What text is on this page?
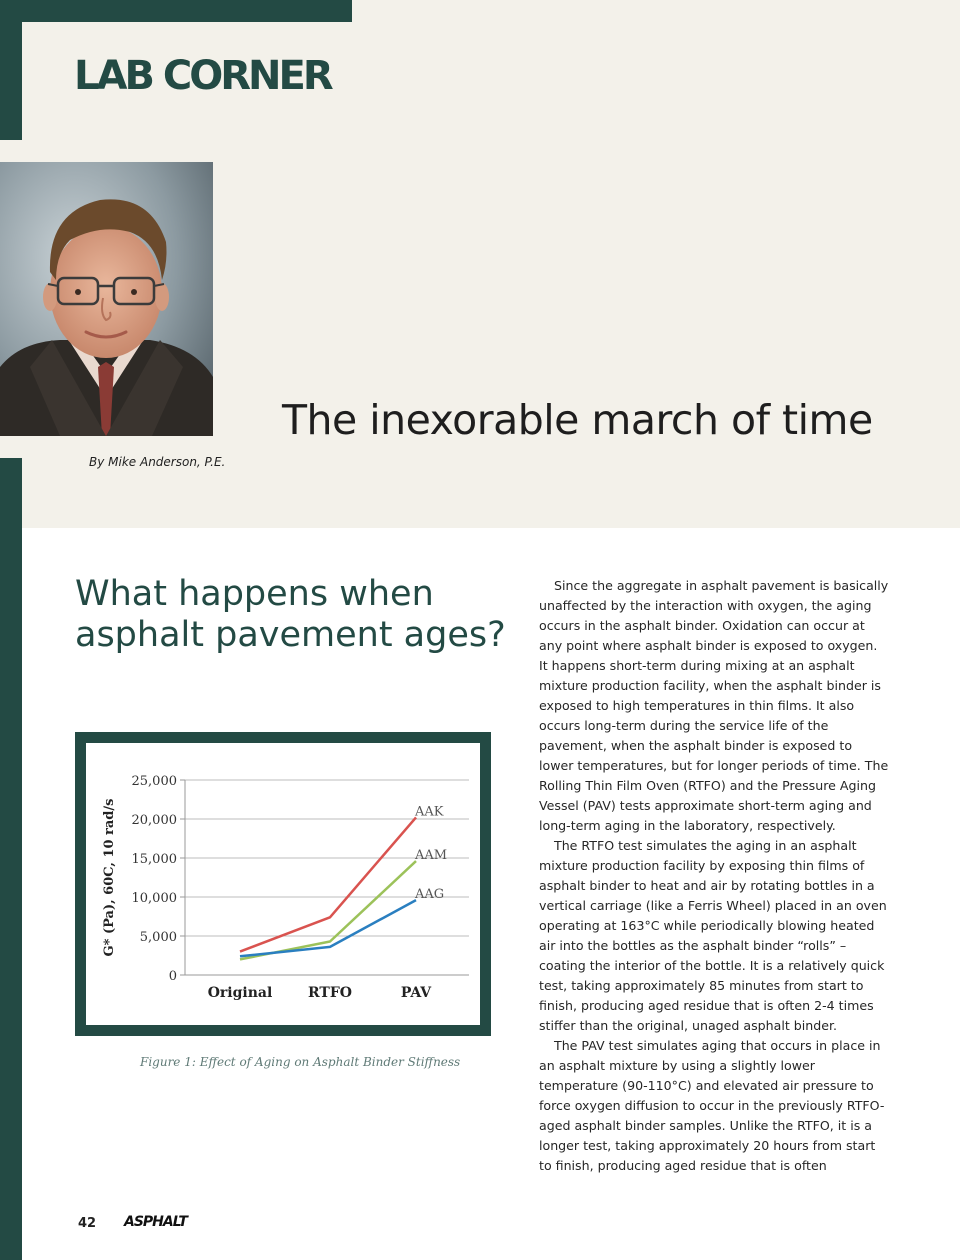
LAB CORNER
The inexorable march of time
By Mike Anderson, P.E.
What happens when asphalt pavement ages?
0
5,000
10,000
15,000
20,000
25,000
Original	RTFO	PAV
AAK
AAM
AAG
G* (Pa), 60C, 10 rad/s
Figure 1: Effect of Aging on Asphalt Binder Stiffness

Since the aggregate in asphalt pavement is basically unaffected by the interaction with oxygen, the aging occurs in the asphalt binder. Oxidation can occur at any point where asphalt binder is exposed to oxygen. It happens short-term during mixing at an asphalt mixture production facility, when the asphalt binder is exposed to high temperatures in thin films. It also occurs long-term during the service life of the pavement, when the asphalt binder is exposed to lower temperatures, but for longer periods of time. The Rolling Thin Film Oven (RTFO) and the Pressure Aging Vessel (PAV) tests approximate short-term aging and long-term aging in the laboratory, respectively.

The RTFO test simulates the aging in an asphalt mixture production facility by exposing thin films of asphalt binder to heat and air by rotating bottles in a vertical carriage (like a Ferris Wheel) placed in an oven operating at 163°C while periodically blowing heated air into the bottles as the asphalt binder “rolls” – coating the interior of the bottle. It is a relatively quick test, taking approximately 85 minutes from start to finish, producing aged residue that is often 2-4 times stiffer than the original, unaged asphalt binder.

The PAV test simulates aging that occurs in place in an asphalt mixture by using a slightly lower temperature (90-110°C) and elevated air pressure to force oxygen diffusion to occur in the previously RTFO-aged asphalt binder samples. Unlike the RTFO, it is a longer test, taking approximately 20 hours from start to finish, producing aged residue that is often

42 ASPHALT
